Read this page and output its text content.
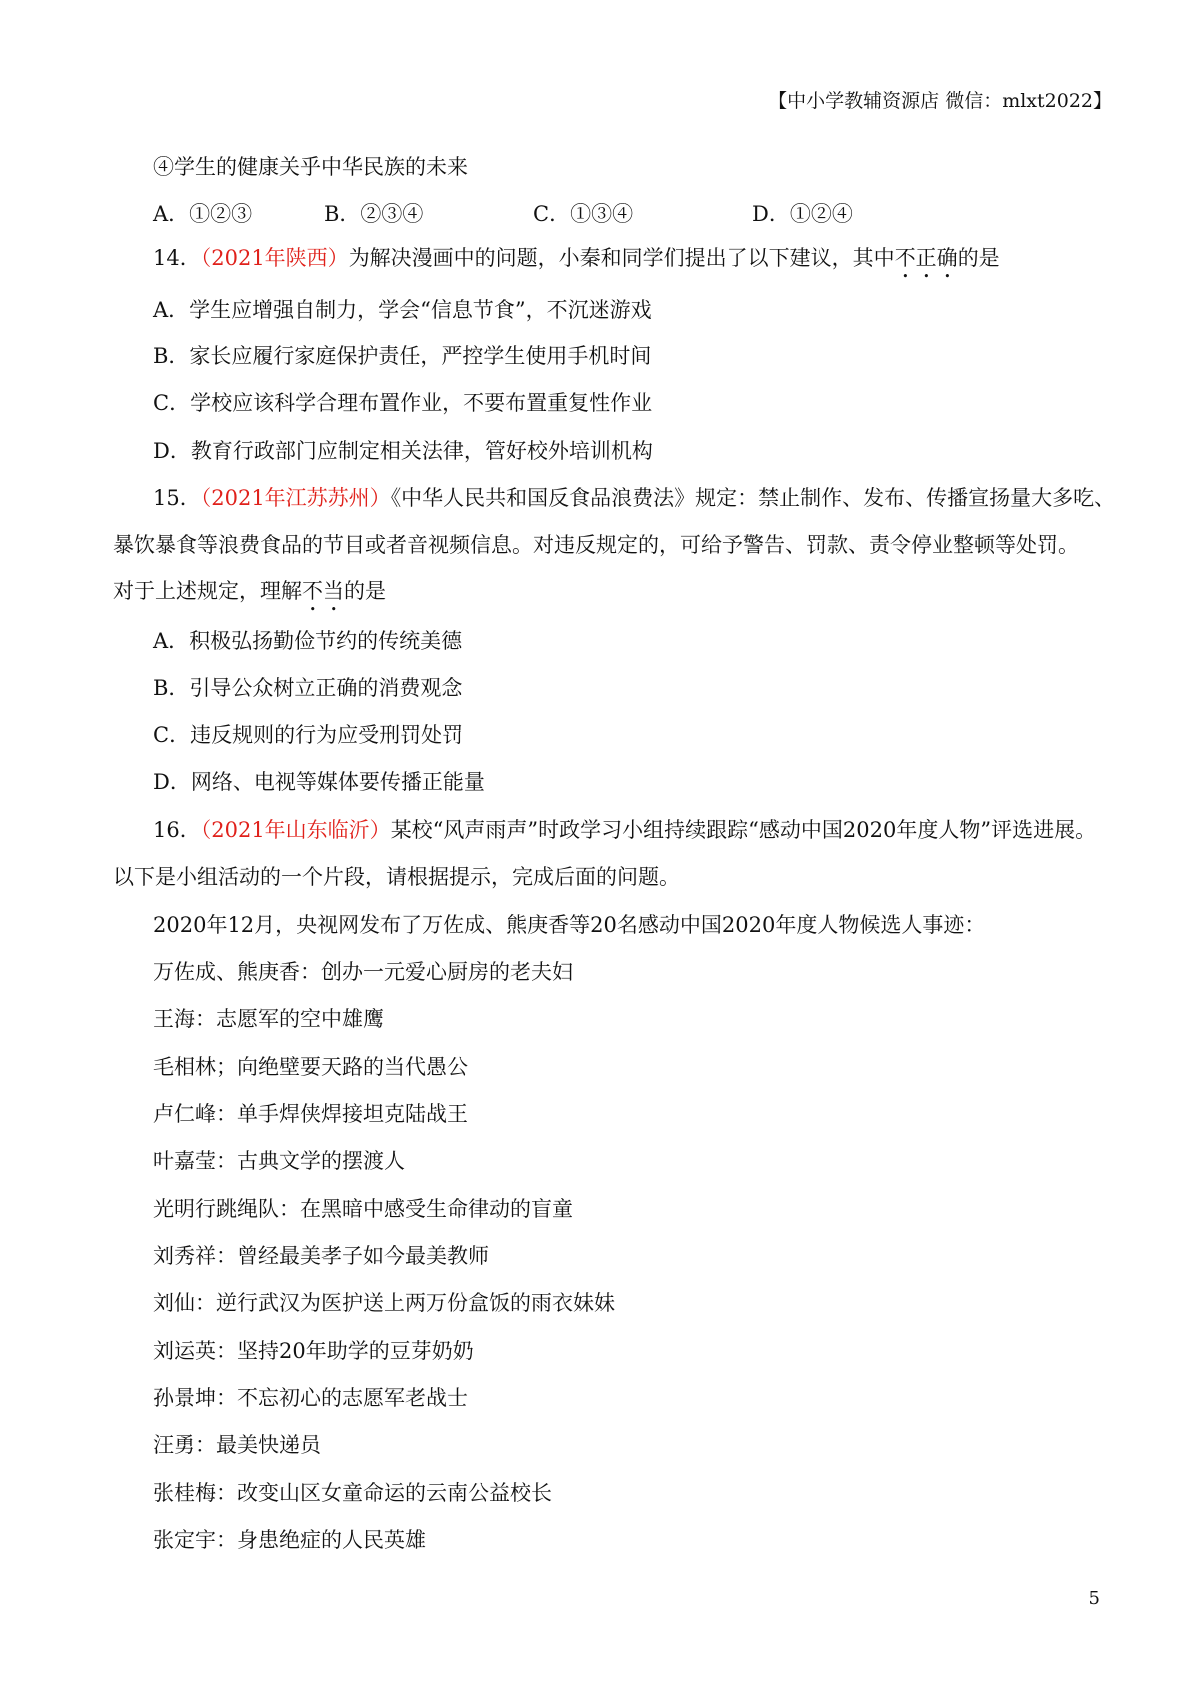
【中小学教辅资源店 微信：mlxt2022】
④学生的健康关乎中华民族的未来
A．①②③	B．②③④	C．①③④	D．①②④
14．（2021年陕西）为解决漫画中的问题，小秦和同学们提出了以下建议，其中不正确的是
A．学生应增强自制力，学会“信息节食”，不沉迷游戏
B．家长应履行家庭保护责任，严控学生使用手机时间
C．学校应该科学合理布置作业，不要布置重复性作业
D．教育行政部门应制定相关法律，管好校外培训机构
15．（2021年江苏苏州）《中华人民共和国反食品浪费法》规定：禁止制作、发布、传播宣扬量大多吃、
暴饮暴食等浪费食品的节目或者音视频信息。对违反规定的，可给予警告、罚款、责令停业整顿等处罚。
对于上述规定，理解不当的是
A．积极弘扬勤俭节约的传统美德
B．引导公众树立正确的消费观念
C．违反规则的行为应受刑罚处罚
D．网络、电视等媒体要传播正能量
16．（2021年山东临沂）某校“风声雨声”时政学习小组持续跟踪“感动中国2020年度人物”评选进展。
以下是小组活动的一个片段，请根据提示，完成后面的问题。
2020年12月，央视网发布了万佐成、熊庚香等20名感动中国2020年度人物候选人事迹：
万佐成、熊庚香：创办一元爱心厨房的老夫妇
王海：志愿军的空中雄鹰
毛相林；向绝壁要天路的当代愚公
卢仁峰：单手焊侠焊接坦克陆战王
叶嘉莹：古典文学的摆渡人
光明行跳绳队：在黑暗中感受生命律动的盲童
刘秀祥：曾经最美孝子如今最美教师
刘仙：逆行武汉为医护送上两万份盒饭的雨衣妹妹
刘运英：坚持20年助学的豆芽奶奶
孙景坤：不忘初心的志愿军老战士
汪勇：最美快递员
张桂梅：改变山区女童命运的云南公益校长
张定宇：身患绝症的人民英雄
5
